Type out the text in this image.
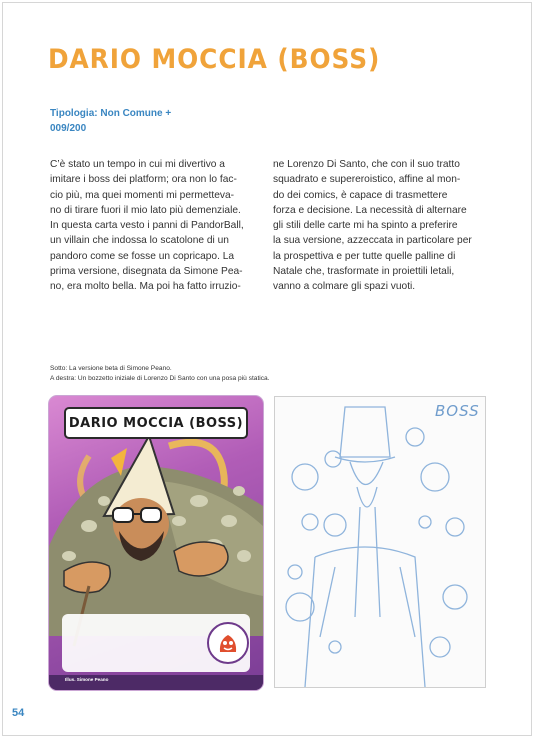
DARIO MOCCIA (BOSS)
Tipologia: Non Comune +
009/200

C’è stato un tempo in cui mi divertivo a

imitare i boss dei platform; ora non lo fac-

cio più, ma quei momenti mi permetteva-

no di tirare fuori il mio lato più demenziale.

In questa carta vesto i panni di PandorBall,

un villain che indossa lo scatolone di un

pandoro come se fosse un copricapo. La

prima versione, disegnata da Simone Pea-

no, era molto bella. Ma poi ha fatto irruzio-

ne Lorenzo Di Santo, che con il suo tratto

squadrato e supereroistico, affine al mon-

do dei comics, è capace di trasmettere

forza e decisione. La necessità di alternare

gli stili delle carte mi ha spinto a preferire

la sua versione, azzeccata in particolare per

la prospettiva e per tutte quelle palline di

Natale che, trasformate in proiettili letali,

vanno a colmare gli spazi vuoti.

Sotto: La versione beta di Simone Peano.
A destra: Un bozzetto iniziale di Lorenzo Di Santo con una posa più statica.
DARIO MOCCIA (BOSS)
Illus. Simone Peano
BOSS
54
